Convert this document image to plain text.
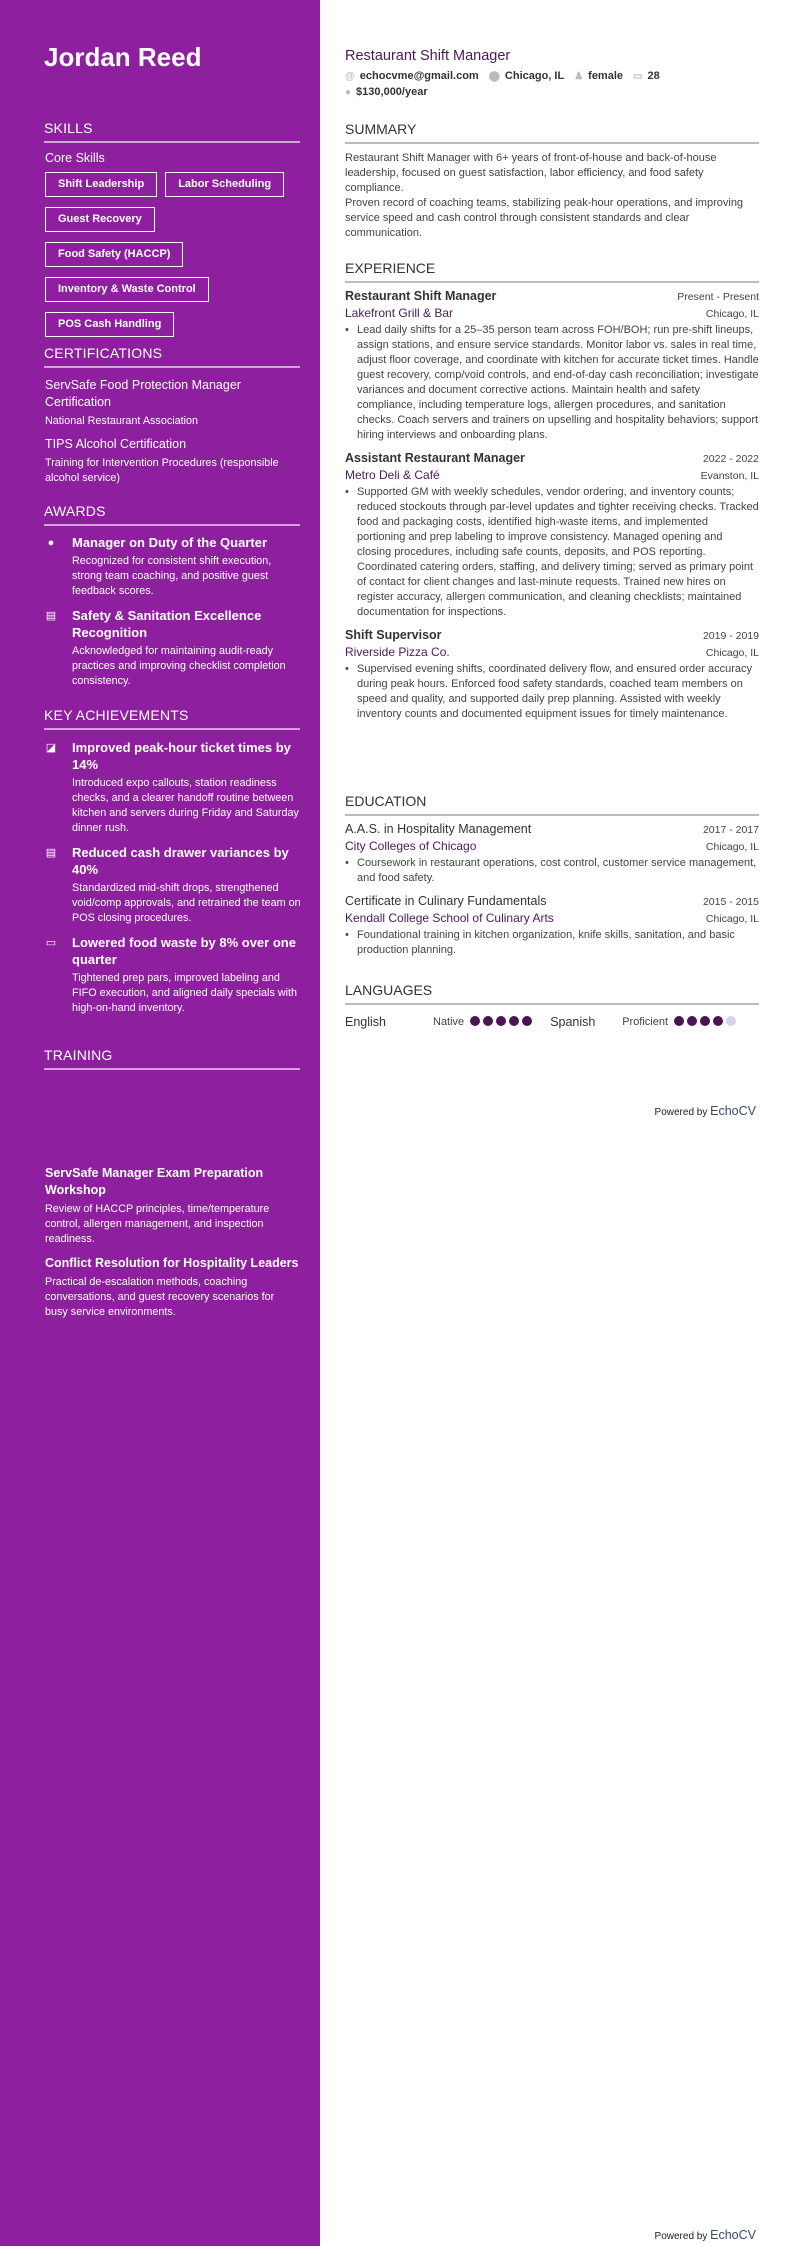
Jordan Reed
SKILLS
Core Skills
Shift Leadership	Labor Scheduling
Guest Recovery
Food Safety (HACCP)
Inventory & Waste Control
POS Cash Handling
CERTIFICATIONS
ServSafe Food Protection Manager Certification
National Restaurant Association
TIPS Alcohol Certification
Training for Intervention Procedures (responsible alcohol service)
AWARDS
● Manager on Duty of the Quarter
Recognized for consistent shift execution, strong team coaching, and positive guest feedback scores.
▤ Safety & Sanitation Excellence Recognition
Acknowledged for maintaining audit-ready practices and improving checklist completion consistency.
KEY ACHIEVEMENTS
◪ Improved peak-hour ticket times by 14%
Introduced expo callouts, station readiness checks, and a clearer handoff routine between kitchen and servers during Friday and Saturday dinner rush.
▤ Reduced cash drawer variances by 40%
Standardized mid-shift drops, strengthened void/comp approvals, and retrained the team on POS closing procedures.
▭ Lowered food waste by 8% over one quarter
Tightened prep pars, improved labeling and FIFO execution, and aligned daily specials with high-on-hand inventory.
TRAINING
ServSafe Manager Exam Preparation Workshop
Review of HACCP principles, time/temperature control, allergen management, and inspection readiness.
Conflict Resolution for Hospitality Leaders
Practical de-escalation methods, coaching conversations, and guest recovery scenarios for busy service environments.
Restaurant Shift Manager
@ echocvme@gmail.com ⬤ Chicago, IL ♟ female ▭ 28
● $130,000/year
SUMMARY
Restaurant Shift Manager with 6+ years of front-of-house and back-of-house leadership, focused on guest satisfaction, labor efficiency, and food safety compliance.
Proven record of coaching teams, stabilizing peak-hour operations, and improving service speed and cash control through consistent standards and clear communication.
EXPERIENCE
Restaurant Shift Manager	Present - Present
Lakefront Grill & Bar	Chicago, IL
• Lead daily shifts for a 25–35 person team across FOH/BOH; run pre-shift lineups, assign stations, and ensure service standards. Monitor labor vs. sales in real time, adjust floor coverage, and coordinate with kitchen for accurate ticket times. Handle guest recovery, comp/void controls, and end-of-day cash reconciliation; investigate variances and document corrective actions. Maintain health and safety compliance, including temperature logs, allergen procedures, and sanitation checks. Coach servers and trainers on upselling and hospitality behaviors; support hiring interviews and onboarding plans.
Assistant Restaurant Manager	2022 - 2022
Metro Deli & Café	Evanston, IL
• Supported GM with weekly schedules, vendor ordering, and inventory counts; reduced stockouts through par-level updates and tighter receiving checks. Tracked food and packaging costs, identified high-waste items, and implemented portioning and prep labeling to improve consistency. Managed opening and closing procedures, including safe counts, deposits, and POS reporting. Coordinated catering orders, staffing, and delivery timing; served as primary point of contact for client changes and last-minute requests. Trained new hires on register accuracy, allergen communication, and cleaning checklists; maintained documentation for inspections.
Shift Supervisor	2019 - 2019
Riverside Pizza Co.	Chicago, IL
• Supervised evening shifts, coordinated delivery flow, and ensured order accuracy during peak hours. Enforced food safety standards, coached team members on speed and quality, and supported daily prep planning. Assisted with weekly inventory counts and documented equipment issues for timely maintenance.
EDUCATION
A.A.S. in Hospitality Management	2017 - 2017
City Colleges of Chicago	Chicago, IL
• Coursework in restaurant operations, cost control, customer service management, and food safety.
Certificate in Culinary Fundamentals	2015 - 2015
Kendall College School of Culinary Arts	Chicago, IL
• Foundational training in kitchen organization, knife skills, sanitation, and basic production planning.
LANGUAGES
English	Native	Spanish	Proficient
Powered by EchoCV
Powered by EchoCV
